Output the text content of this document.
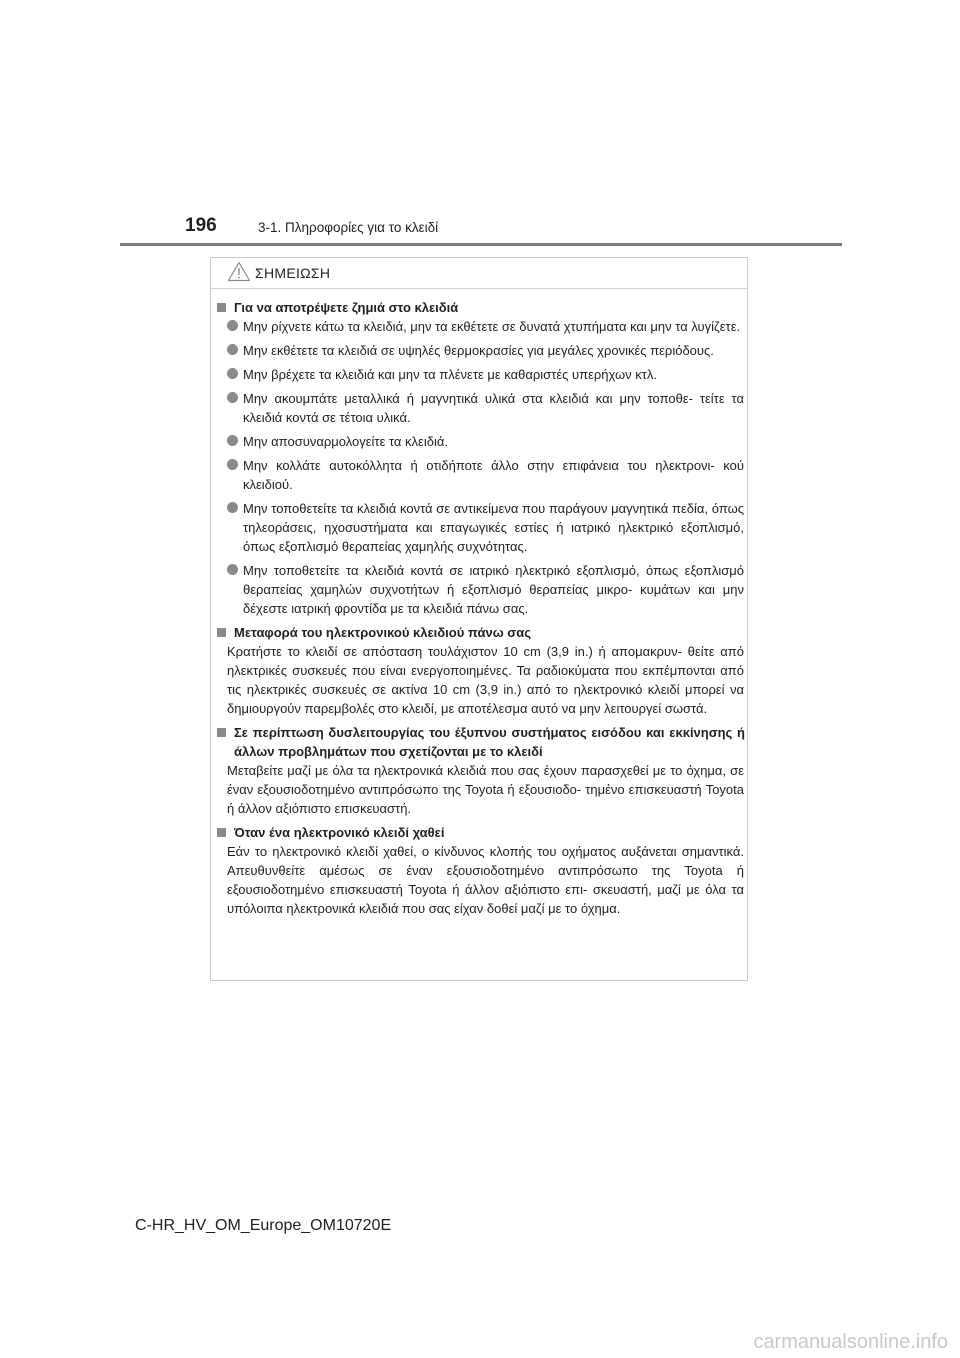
196	3-1. Πληροφορίες για το κλειδί
ΣΗΜΕΙΩΣΗ
Για να αποτρέψετε ζημιά στο κλειδιά
Μην ρίχνετε κάτω τα κλειδιά, μην τα εκθέτετε σε δυνατά χτυπήματα και μην τα λυγίζετε.
Μην εκθέτετε τα κλειδιά σε υψηλές θερμοκρασίες για μεγάλες χρονικές περιόδους.
Μην βρέχετε τα κλειδιά και μην τα πλένετε με καθαριστές υπερήχων κτλ.
Μην ακουμπάτε μεταλλικά ή μαγνητικά υλικά στα κλειδιά και μην τοποθε- τείτε τα κλειδιά κοντά σε τέτοια υλικά.
Μην αποσυναρμολογείτε τα κλειδιά.
Μην κολλάτε αυτοκόλλητα ή οτιδήποτε άλλο στην επιφάνεια του ηλεκτρονι- κού κλειδιού.
Μην τοποθετείτε τα κλειδιά κοντά σε αντικείμενα που παράγουν μαγνητικά πεδία, όπως τηλεοράσεις, ηχοσυστήματα και επαγωγικές εστίες ή ιατρικό ηλεκτρικό εξοπλισμό, όπως εξοπλισμό θεραπείας χαμηλής συχνότητας.
Μην τοποθετείτε τα κλειδιά κοντά σε ιατρικό ηλεκτρικό εξοπλισμό, όπως εξοπλισμό θεραπείας χαμηλών συχνοτήτων ή εξοπλισμό θεραπείας μικρο- κυμάτων και μην δέχεστε ιατρική φροντίδα με τα κλειδιά πάνω σας.
Μεταφορά του ηλεκτρονικού κλειδιού πάνω σας
Κρατήστε το κλειδί σε απόσταση τουλάχιστον 10 cm (3,9 in.) ή απομακρυν- θείτε από ηλεκτρικές συσκευές που είναι ενεργοποιημένες. Τα ραδιοκύματα που εκπέμπονται από τις ηλεκτρικές συσκευές σε ακτίνα 10 cm (3,9 in.) από το ηλεκτρονικό κλειδί μπορεί να δημιουργούν παρεμβολές στο κλειδί, με αποτέλεσμα αυτό να μην λειτουργεί σωστά.
Σε περίπτωση δυσλειτουργίας του έξυπνου συστήματος εισόδου και εκκίνησης ή άλλων προβλημάτων που σχετίζονται με το κλειδί
Μεταβείτε μαζί με όλα τα ηλεκτρονικά κλειδιά που σας έχουν παρασχεθεί με το όχημα, σε έναν εξουσιοδοτημένο αντιπρόσωπο της Toyota ή εξουσιοδο- τημένο επισκευαστή Toyota ή άλλον αξιόπιστο επισκευαστή.
Όταν ένα ηλεκτρονικό κλειδί χαθεί
Εάν το ηλεκτρονικό κλειδί χαθεί, ο κίνδυνος κλοπής του οχήματος αυξάνεται σημαντικά. Απευθυνθείτε αμέσως σε έναν εξουσιοδοτημένο αντιπρόσωπο της Toyota ή εξουσιοδοτημένο επισκευαστή Toyota ή άλλον αξιόπιστο επι- σκευαστή, μαζί με όλα τα υπόλοιπα ηλεκτρονικά κλειδιά που σας είχαν δοθεί μαζί με το όχημα.
C-HR_HV_OM_Europe_OM10720E
carmanualsonline.info
